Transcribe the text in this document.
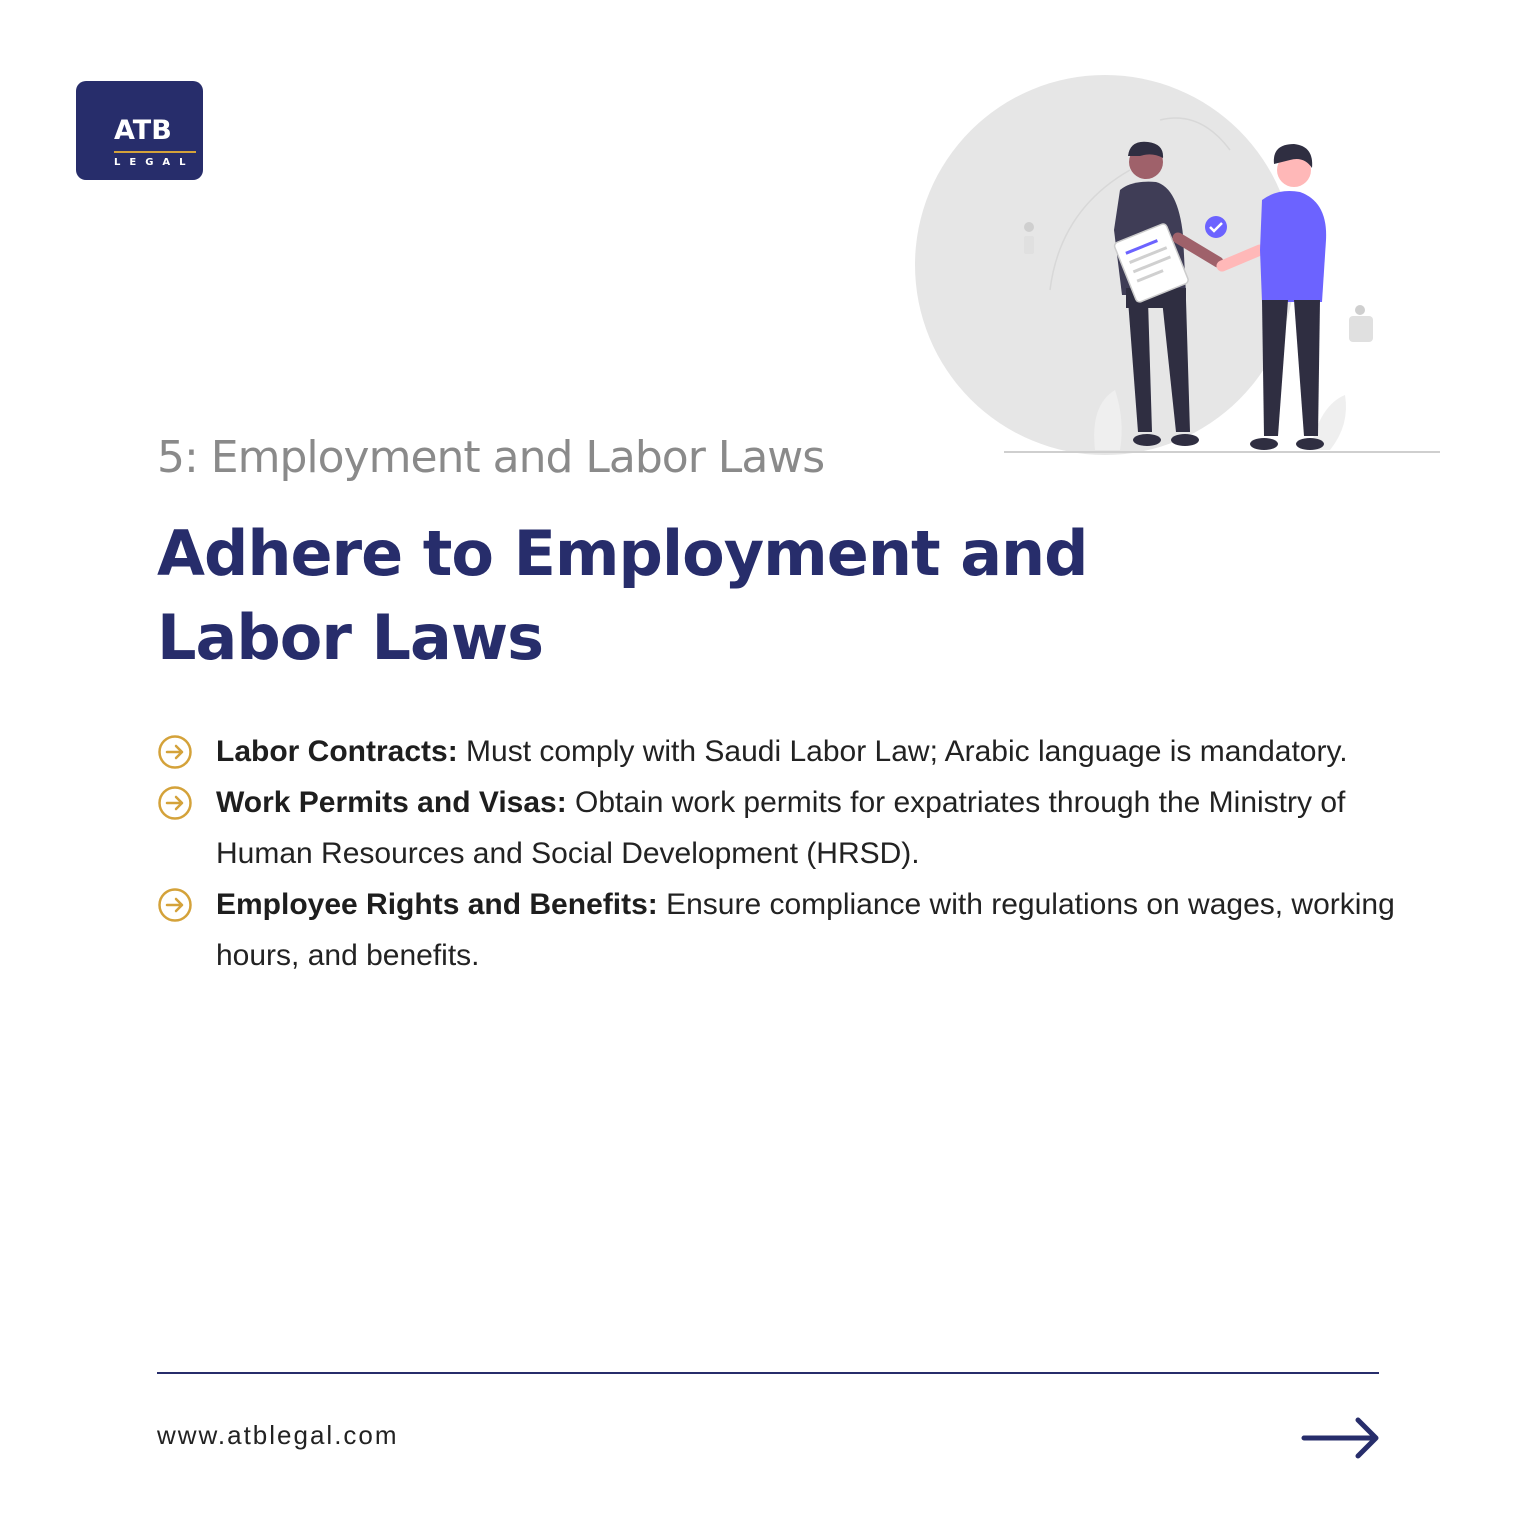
ATB
LEGAL
5: Employment and Labor Laws
Adhere to Employment and
Labor Laws
Labor Contracts: Must comply with Saudi Labor Law; Arabic language is mandatory.
Work Permits and Visas: Obtain work permits for expatriates through the Ministry of Human Resources and Social Development (HRSD).
Employee Rights and Benefits: Ensure compliance with regulations on wages, working hours, and benefits.
www.atblegal.com
